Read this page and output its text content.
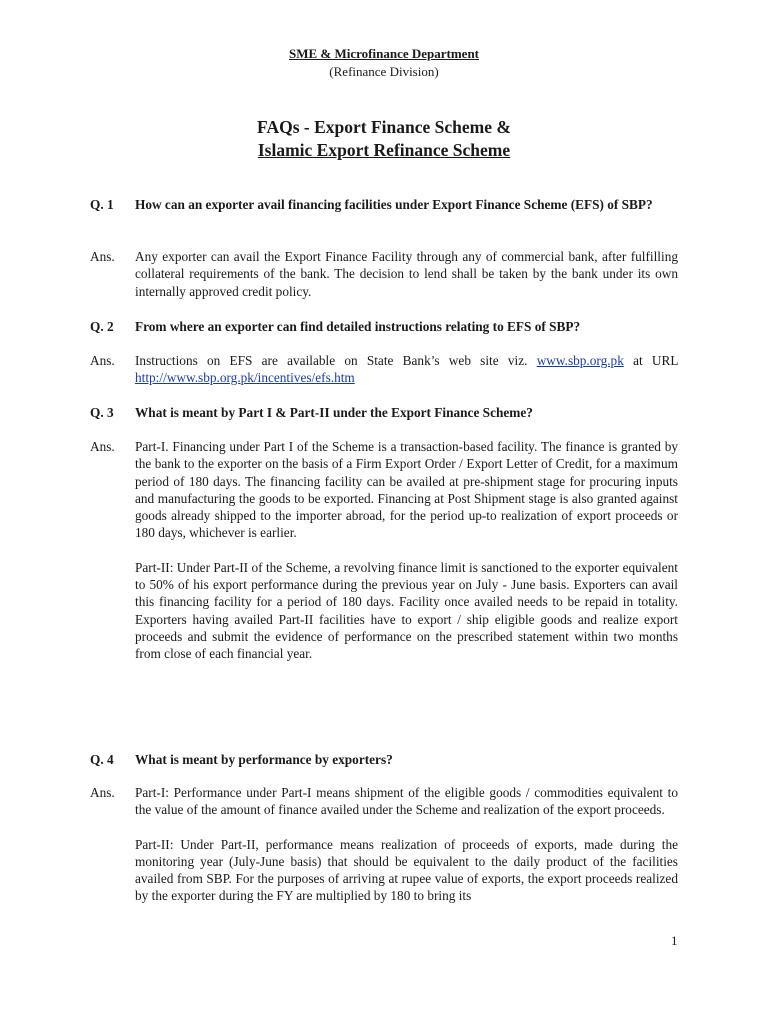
SME & Microfinance Department
(Refinance Division)
FAQs - Export Finance Scheme &
Islamic Export Refinance Scheme
Q. 1	How can an exporter avail financing facilities under Export Finance Scheme (EFS) of SBP?
Ans. Any exporter can avail the Export Finance Facility through any of commercial bank, after fulfilling collateral requirements of the bank. The decision to lend shall be taken by the bank under its own internally approved credit policy.

Q. 2	From where an exporter can find detailed instructions relating to EFS of SBP?
Ans. Instructions on EFS are available on State Bank’s web site viz. www.sbp.org.pk at URL http://www.sbp.org.pk/incentives/efs.htm

Q. 3	What is meant by Part I & Part-II under the Export Finance Scheme?
Ans. Part-I. Financing under Part I of the Scheme is a transaction-based facility. The finance is granted by the bank to the exporter on the basis of a Firm Export Order / Export Letter of Credit, for a maximum period of 180 days. The financing facility can be availed at pre-shipment stage for procuring inputs and manufacturing the goods to be exported. Financing at Post Shipment stage is also granted against goods already shipped to the importer abroad, for the period up-to realization of export proceeds or 180 days, whichever is earlier.

Part-II: Under Part-II of the Scheme, a revolving finance limit is sanctioned to the exporter equivalent to 50% of his export performance during the previous year on July - June basis. Exporters can avail this financing facility for a period of 180 days. Facility once availed needs to be repaid in totality. Exporters having availed Part-II facilities have to export / ship eligible goods and realize export proceeds and submit the evidence of performance on the prescribed statement within two months from close of each financial year.

Q. 4	What is meant by performance by exporters?
Ans. Part-I: Performance under Part-I means shipment of the eligible goods / commodities equivalent to the value of the amount of finance availed under the Scheme and realization of the export proceeds.

Part-II: Under Part-II, performance means realization of proceeds of exports, made during the monitoring year (July-June basis) that should be equivalent to the daily product of the facilities availed from SBP. For the purposes of arriving at rupee value of exports, the export proceeds realized by the exporter during the FY are multiplied by 180 to bring its

1
